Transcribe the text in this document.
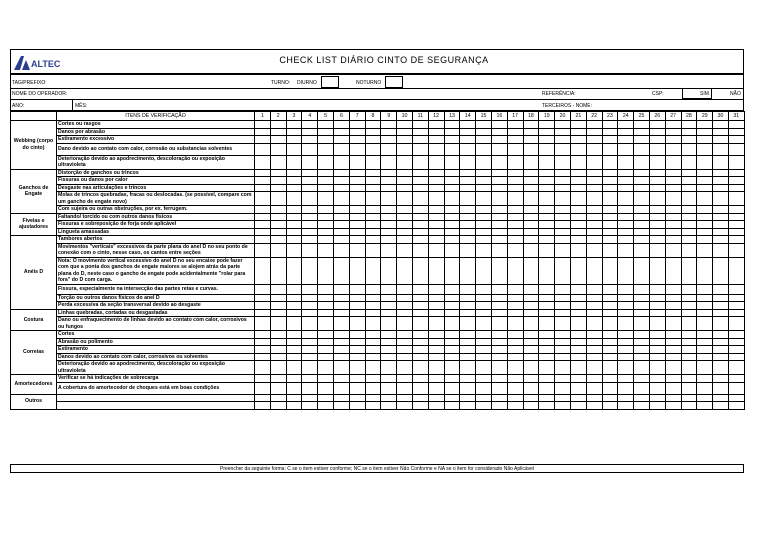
ALTEC	CHECK LIST DIÁRIO CINTO DE SEGURANÇA
TAG/PREFIXO:	TURNO: DIURNO	NOTURNO
NOME DO OPERADOR:	REFERÊNCIA:	CSP:	SIM	NÃO
ANO:	MÊS:	TERCEIROS - NOME:
	ITENS DE VERIFICAÇÃO	1	2	3	4	5	6	7	8	9	10	11	12	13	14	15	16	17	18	19	20	21	22	23	24	25	26	27	28	29	30	31
Webbing (corpo do cinto)	Cortes ou rasgos																															
	Danos por abrasão																															
	Estiramento excessivo																															
	Dano devido ao contato com calor, corrosão ou substancias solventes																															
	Deterioração devido ao apodrecimento, descoloração ou exposição ultravioleta																															
Ganchos de Engate	Distorção de ganchos ou trincos																															
	Fissuras ou danos por calor																															
	Desgaste nas articulações e trincos																															
	Molas de trincos quebradas, fracas ou deslocadas. (se possível, compare com um gancho de engate novo)																															
	Com sujeira ou outras obstruções, por ex. ferrugem.																															
Fivelas e ajustadores	Faltando/ torcido ou com outros danos físicos																															
	Fissuras e sobreposição de forja onde aplicável																															
	Lingueta amassadas																															
Anéis D	Tambores abertos																															
	Movimentos "verticais" excessivos da parte plana do anel D no seu ponto de conexão com o cinto, nesse caso, os cantos entre seções																															
	Nota: O movimento vertical excessivo do anel D no seu encaixe pode fazer com que a ponta dos ganchos de engate maiores se alojem atrás da parte plana do D, neste caso o gancho de engate pode acidentalmente "rolar para fora" do D com carga.																															
	Fissura, especialmente na intersecção das partes retas e curvas.																															
	Torção ou outros danos físicos do anel D																															
	Perda excessiva da seção transversal devido ao desgaste																															
Costura	Linhas quebradas, cortadas ou desgastadas																															
	Dano ou enfraquecimento de linhas devido ao contato com calor, corrosivos ou fungos																															
Correias	Cortes																															
	Abrasão ou polimento																															
	Estiramento																															
	Danos devido ao contato com calor, corrosivos ou solventes																															
	Deterioração devido ao apodrecimento, descoloração ou exposição ultravioleta																															
Amortecedores	Verificar se há indicações de sobrecarga																															
	A cobertura do amortecedor de choques está em boas condições																															
Outros																																

Preencher da seguinte forma: C se o item estiver conforme; NC se o item estiver Não Conforme e NA se o item for considerado Não Aplicável
